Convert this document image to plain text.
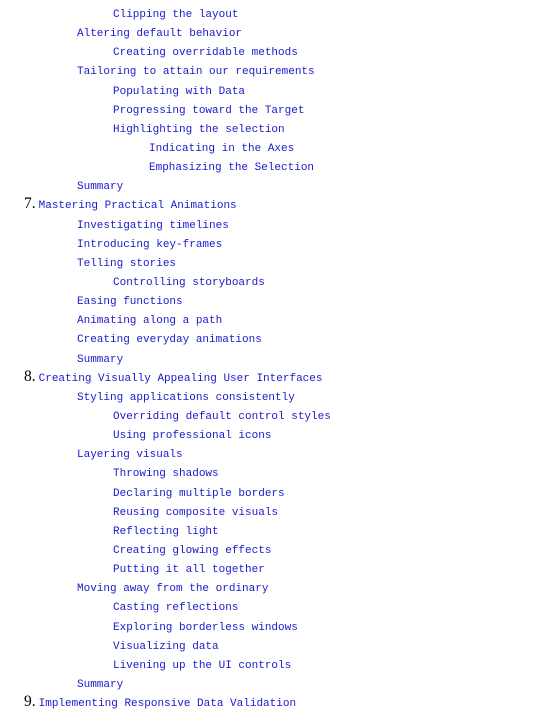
Clipping the layout
Altering default behavior
Creating overridable methods
Tailoring to attain our requirements
Populating with Data
Progressing toward the Target
Highlighting the selection
Indicating in the Axes
Emphasizing the Selection
Summary
7. Mastering Practical Animations
Investigating timelines
Introducing key-frames
Telling stories
Controlling storyboards
Easing functions
Animating along a path
Creating everyday animations
Summary
8. Creating Visually Appealing User Interfaces
Styling applications consistently
Overriding default control styles
Using professional icons
Layering visuals
Throwing shadows
Declaring multiple borders
Reusing composite visuals
Reflecting light
Creating glowing effects
Putting it all together
Moving away from the ordinary
Casting reflections
Exploring borderless windows
Visualizing data
Livening up the UI controls
Summary
9. Implementing Responsive Data Validation
